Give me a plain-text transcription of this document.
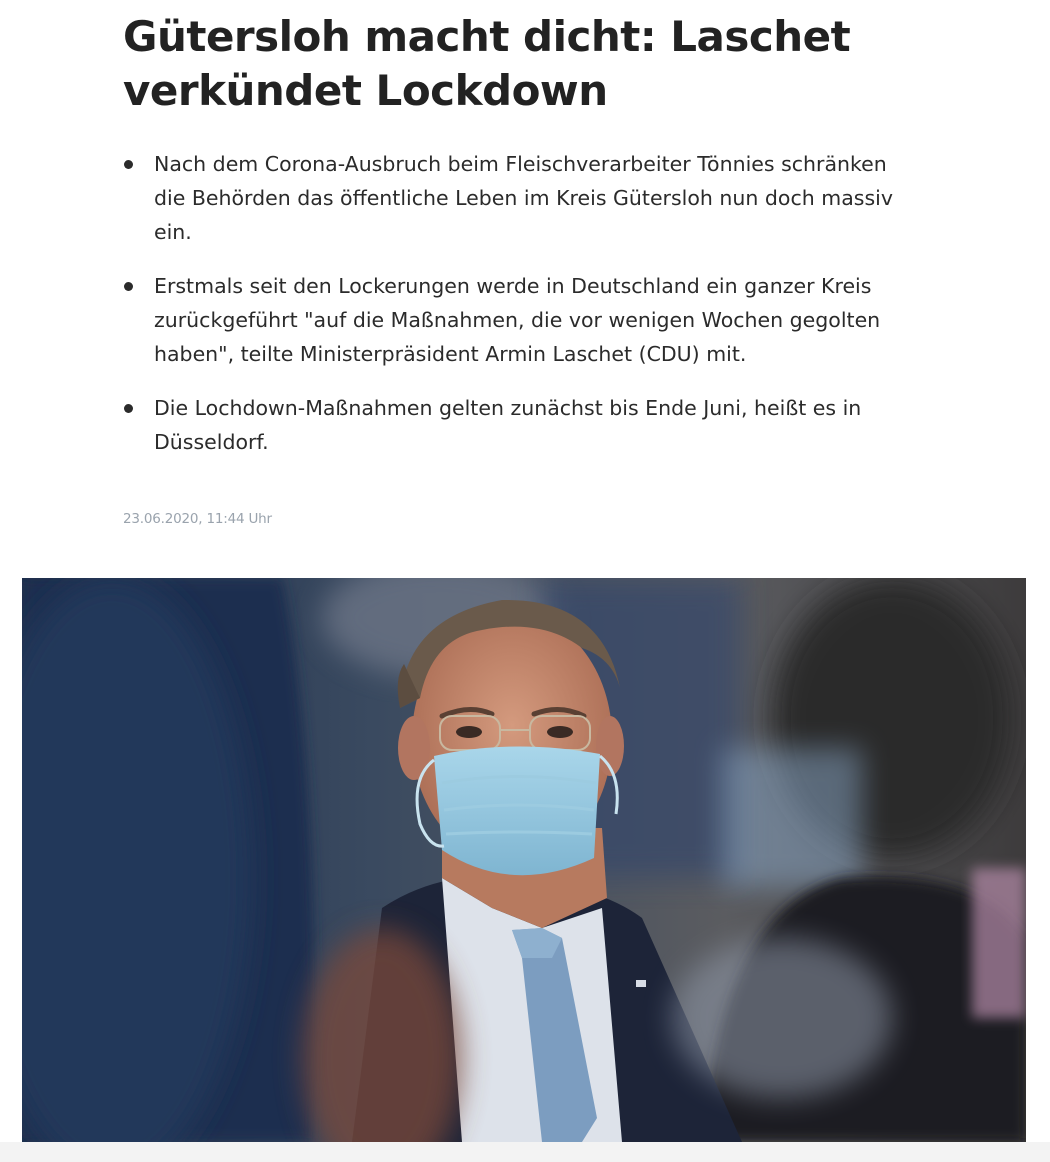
Gütersloh macht dicht: Laschet verkündet Lockdown
Nach dem Corona-Ausbruch beim Fleischverarbeiter Tönnies schränken die Behörden das öffentliche Leben im Kreis Gütersloh nun doch massiv ein.
Erstmals seit den Lockerungen werde in Deutschland ein ganzer Kreis zurückgeführt "auf die Maßnahmen, die vor wenigen Wochen gegolten haben", teilte Ministerpräsident Armin Laschet (CDU) mit.
Die Lochdown-Maßnahmen gelten zunächst bis Ende Juni, heißt es in Düsseldorf.
23.06.2020, 11:44 Uhr
